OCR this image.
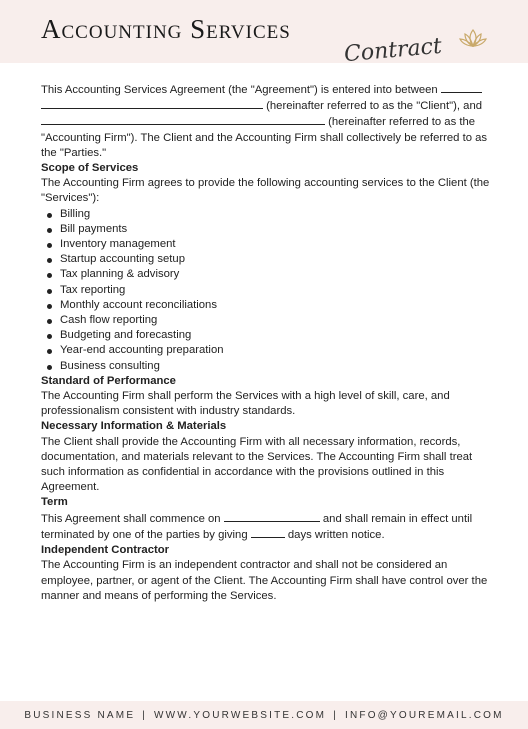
Accounting Services
Contract

This Accounting Services Agreement (the "Agreement") is entered into between   (hereinafter referred to as the "Client"), and  (hereinafter referred to as the "Accounting Firm"). The Client and the Accounting Firm shall collectively be referred to as the "Parties."

Scope of Services

The Accounting Firm agrees to provide the following accounting services to the Client (the "Services"):

Billing
Bill payments
Inventory management
Startup accounting setup
Tax planning & advisory
Tax reporting
Monthly account reconciliations
Cash flow reporting
Budgeting and forecasting
Year-end accounting preparation
Business consulting

Standard of Performance

The Accounting Firm shall perform the Services with a high level of skill, care, and professionalism consistent with industry standards.

Necessary Information & Materials

The Client shall provide the Accounting Firm with all necessary information, records, documentation, and materials relevant to the Services. The Accounting Firm shall treat such information as confidential in accordance with the provisions outlined in this Agreement.

Term

This Agreement shall commence on	and shall remain in effect until terminated by one of the parties by giving	days written notice.

Independent Contractor

The Accounting Firm is an independent contractor and shall not be considered an employee, partner, or agent of the Client. The Accounting Firm shall have control over the manner and means of performing the Services.

BUSINESS NAME | WWW.YOURWEBSITE.COM | INFO@YOUREMAIL.COM
